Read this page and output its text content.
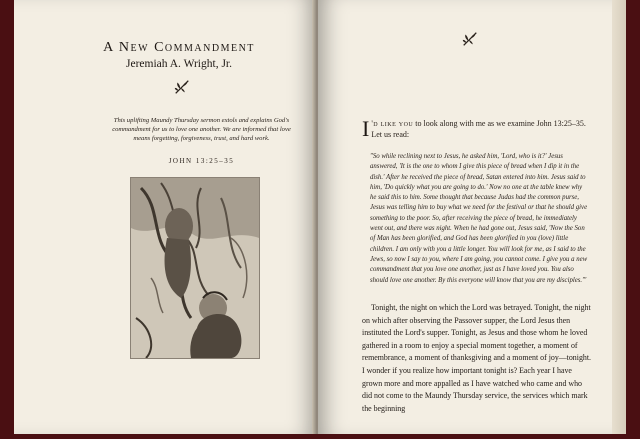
A New Commandment
Jeremiah A. Wright, Jr.
This uplifting Maundy Thursday sermon extols and explains God's commandment for us to love one another. We are informed that love means forgetting, forgiveness, trust, and hard work.
JOHN 13:25–35
I 'd like you to look along with me as we examine John 13:25–35. Let us read:
"So while reclining next to Jesus, he asked him, 'Lord, who is it?' Jesus answered, 'It is the one to whom I give this piece of bread when I dip it in the dish.' After he received the piece of bread, Satan entered into him. Jesus said to him, 'Do quickly what you are going to do.' Now no one at the table knew why he said this to him. Some thought that because Judas had the common purse, Jesus was telling him to buy what we need for the festival or that he should give something to the poor. So, after receiving the piece of bread, he immediately went out, and there was night. When he had gone out, Jesus said, 'Now the Son of Man has been glorified, and God has been glorified in you (love) little children. I am only with you a little longer. You will look for me, as I said to the Jews, so now I say to you, where I am going, you cannot come. I give you a new commandment that you love one another, just as I have loved you. You also should love one another. By this everyone will know that you are my disciples.'"
Tonight, the night on which the Lord was betrayed. Tonight, the night on which after observing the Passover supper, the Lord Jesus then instituted the Lord's supper. Tonight, as Jesus and those whom he loved gathered in a room to enjoy a special moment together, a moment of remembrance, a moment of thanksgiving and a moment of joy—tonight. I wonder if you realize how important tonight is? Each year I have grown more and more appalled as I have watched who came and who did not come to the Maundy Thursday service, the services which mark the beginning
